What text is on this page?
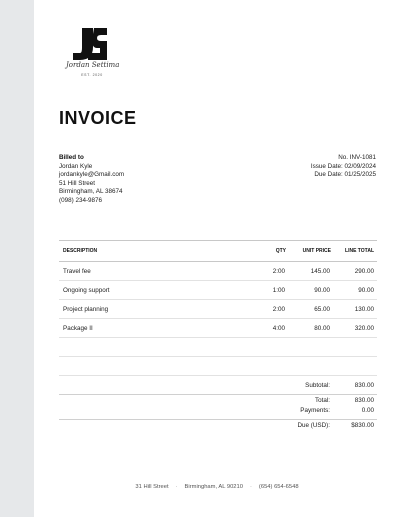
Jordan Settima
EST. 2020
INVOICE
Billed to
Jordan Kyle
jordankyle@Gmail.com
51 Hill Street
Birmingham, AL 38674
(098) 234-9876
No. INV-1081
Issue Date: 02/09/2024
Due Date: 01/25/2025
DESCRIPTION	QTY	UNIT PRICE	LINE TOTAL
Travel fee	2:00	145.00	290.00
Ongoing support	1:00	90.00	90.00
Project planning	2:00	65.00	130.00
Package II	4:00	80.00	320.00
Subtotal:	830.00
Total:	830.00
Payments:	0.00
Due (USD):	$830.00
31 Hill Street · Birmingham, AL 90210 · (654) 654-6548
